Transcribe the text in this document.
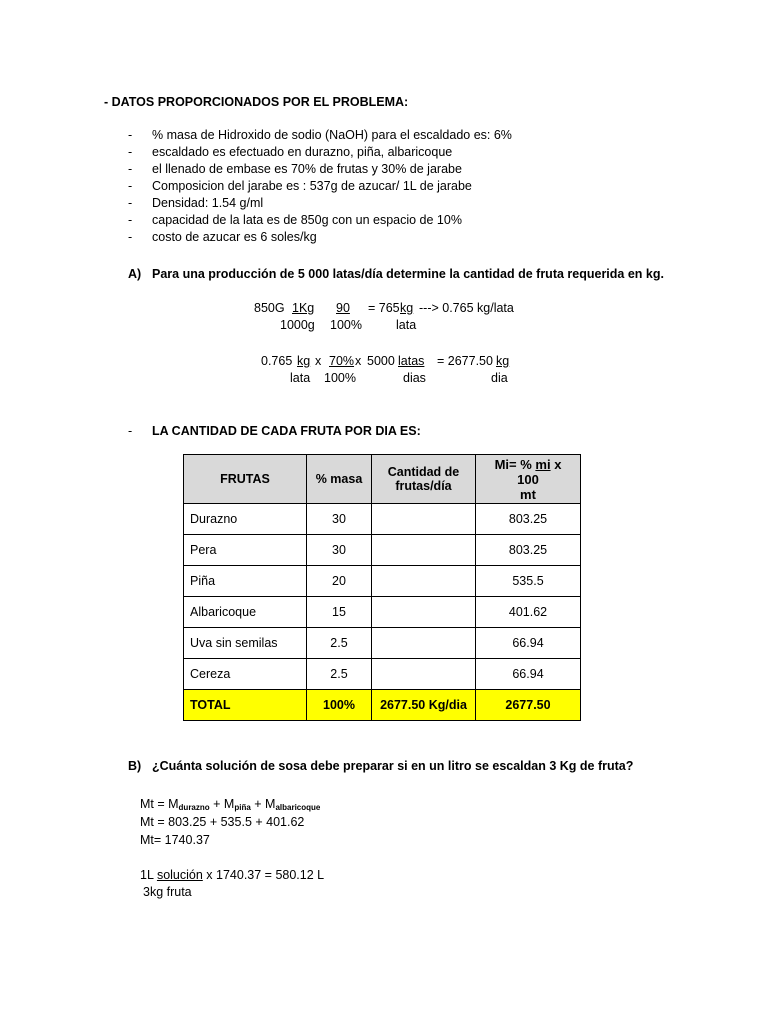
- DATOS PROPORCIONADOS POR EL PROBLEMA:
- % masa de Hidroxido de sodio (NaOH) para el escaldado es: 6%
- escaldado es efectuado en durazno, piña, albaricoque
- el llenado de embase es 70% de frutas y 30% de jarabe
- Composicion del jarabe es : 537g de azucar/ 1L de jarabe
- Densidad: 1.54 g/ml
- capacidad de la lata es de 850g con un espacio de 10%
- costo de azucar es 6 soles/kg
A) Para una producción de 5 000 latas/día determine la cantidad de fruta requerida en kg.
850G 1Kg 90	= 765 kg ---> 0.765 kg/lata
1000g 100%	lata
0.765 kg x 70% x 5000 latas	= 2677.50 kg
lata 100%	dias	dia
- LA CANTIDAD DE CADA FRUTA POR DIA ES:
FRUTAS	% masa	Cantidad de frutas/día	Mi= % mi x 100
mt
Durazno	30		803.25
Pera	30		803.25
Piña	20		535.5
Albaricoque	15		401.62
Uva sin semilas	2.5		66.94
Cereza	2.5		66.94
TOTAL	100%	2677.50 Kg/dia	2677.50
B) ¿Cuánta solución de sosa debe preparar si en un litro se escaldan 3 Kg de fruta?
$Mt = M_{durazno} + M_{piña} + M_{albaricoque}$
Mt = 803.25 + 535.5 + 401.62
Mt= 1740.37
1L solución x 1740.37 = 580.12 L
3kg fruta
